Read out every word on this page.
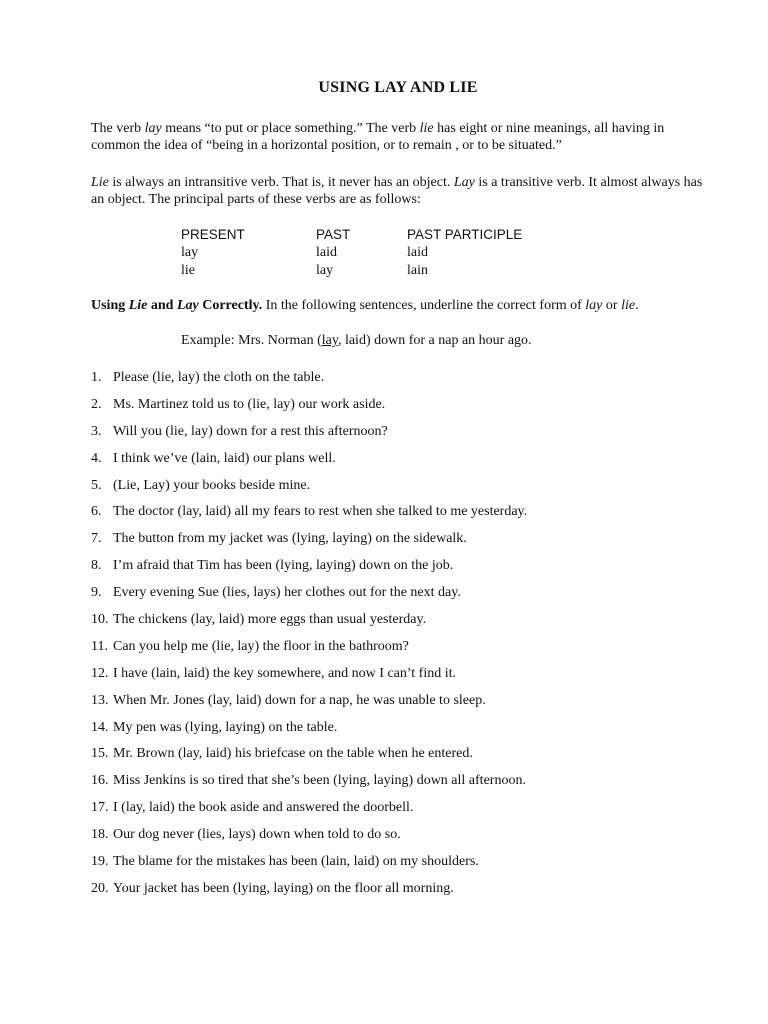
USING LAY AND LIE
The verb lay means “to put or place something.” The verb lie has eight or nine meanings, all having in common the idea of “being in a horizontal position, or to remain , or to be situated.”
Lie is always an intransitive verb. That is, it never has an object. Lay is a transitive verb. It almost always has an object. The principal parts of these verbs are as follows:
PRESENT	PAST	PAST PARTICIPLE
lay	laid	laid
lie	lay	lain
Using Lie and Lay Correctly. In the following sentences, underline the correct form of lay or lie.
Example: Mrs. Norman (lay, laid) down for a nap an hour ago.
1. Please (lie, lay) the cloth on the table.
2. Ms. Martinez told us to (lie, lay) our work aside.
3. Will you (lie, lay) down for a rest this afternoon?
4. I think we’ve (lain, laid) our plans well.
5. (Lie, Lay) your books beside mine.
6. The doctor (lay, laid) all my fears to rest when she talked to me yesterday.
7. The button from my jacket was (lying, laying) on the sidewalk.
8. I’m afraid that Tim has been (lying, laying) down on the job.
9. Every evening Sue (lies, lays) her clothes out for the next day.
10. The chickens (lay, laid) more eggs than usual yesterday.
11. Can you help me (lie, lay) the floor in the bathroom?
12. I have (lain, laid) the key somewhere, and now I can’t find it.
13. When Mr. Jones (lay, laid) down for a nap, he was unable to sleep.
14. My pen was (lying, laying) on the table.
15. Mr. Brown (lay, laid) his briefcase on the table when he entered.
16. Miss Jenkins is so tired that she’s been (lying, laying) down all afternoon.
17. I (lay, laid) the book aside and answered the doorbell.
18. Our dog never (lies, lays) down when told to do so.
19. The blame for the mistakes has been (lain, laid) on my shoulders.
20. Your jacket has been (lying, laying) on the floor all morning.
